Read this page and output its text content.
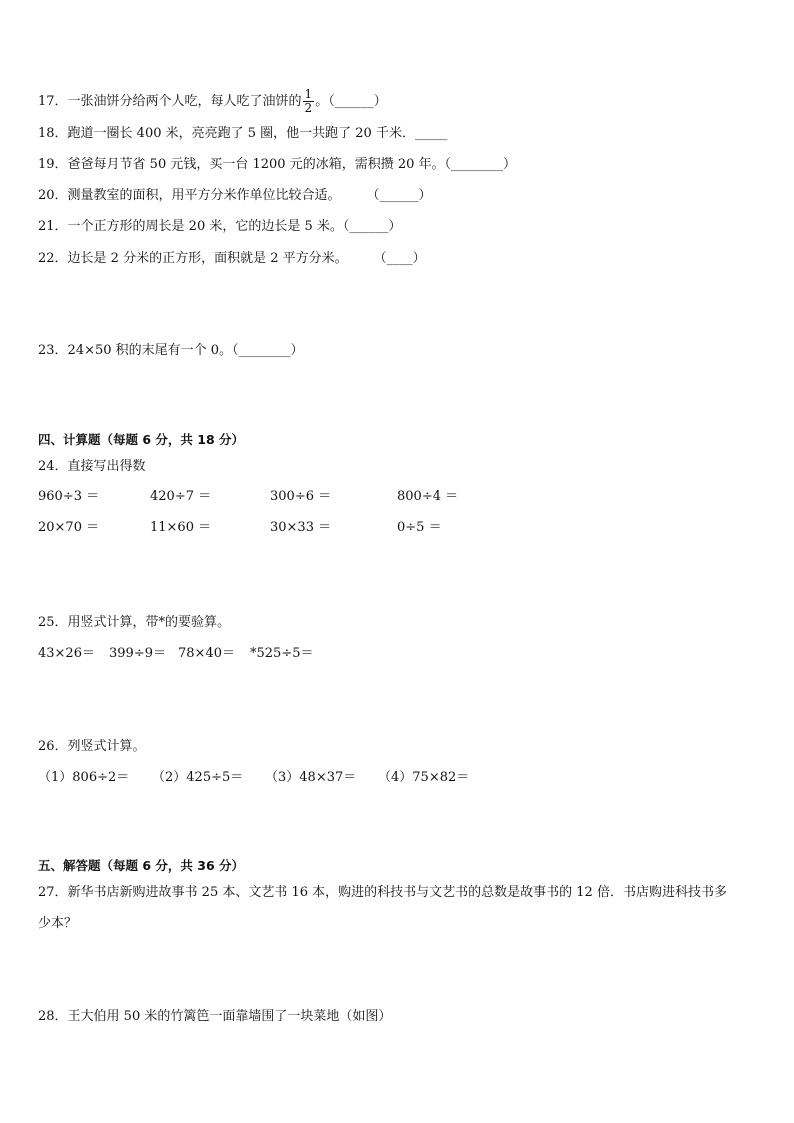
17．一张油饼分给两个人吃，每人吃了油饼的 $\frac{1}{2}$ 。（______）
18．跑道一圈长 400 米，亮亮跑了 5 圈，他一共跑了 20 千米．_____
19．爸爸每月节省 50 元钱，买一台 1200 元的冰箱，需积攒 20 年。（________）
20．测量教室的面积，用平方分米作单位比较合适。　　　（______）
21．一个正方形的周长是 20 米，它的边长是 5 米。（______）
22．边长是 2 分米的正方形，面积就是 2 平方分米。　　　（____）
23．24×50 积的末尾有一个 0。（________）
四、计算题（每题 6 分，共 18 分）
24．直接写出得数
960÷3 ＝	420÷7 ＝	300÷6 ＝	800÷4 ＝
20×70 ＝	11×60 ＝	30×33 ＝	0÷5 ＝
25．用竖式计算，带*的要验算。
43×26＝ 399÷9＝ 78×40＝ *525÷5＝
26．列竖式计算。
（1）806÷2＝ （2）425÷5＝ （3）48×37＝ （4）75×82＝
五、解答题（每题 6 分，共 36 分）
27．新华书店新购进故事书 25 本、文艺书 16 本，购进的科技书与文艺书的总数是故事书的 12 倍．书店购进科技书多
少本？
28．王大伯用 50 米的竹篱笆一面靠墙围了一块菜地（如图）
